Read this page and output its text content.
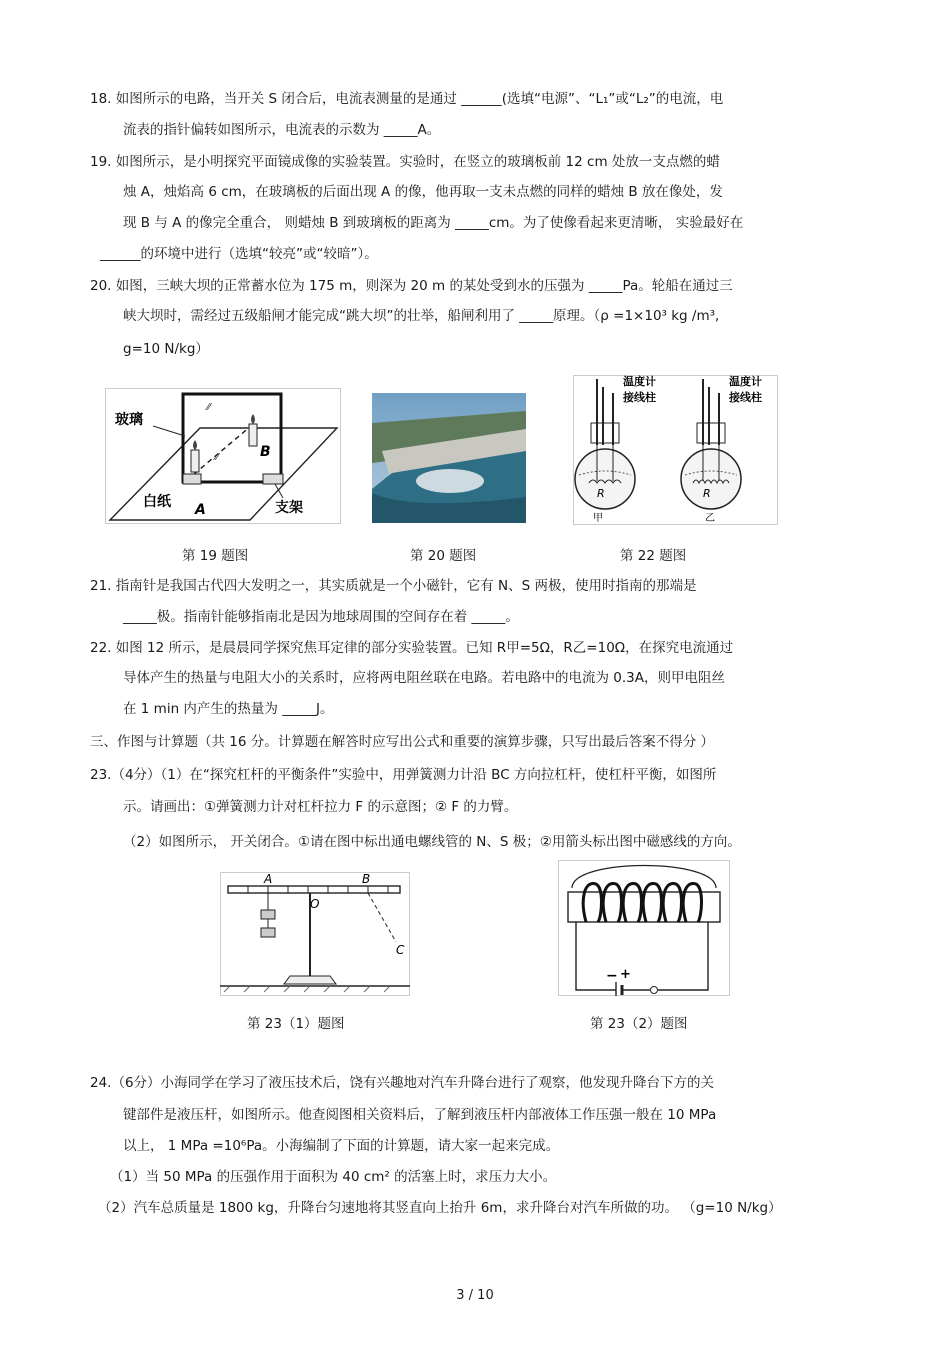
18. 如图所示的电路，当开关 S 闭合后，电流表测量的是通过 ______(选填“电源”、“L₁”或“L₂”的电流，电
流表的指针偏转如图所示，电流表的示数为 _____A。
19. 如图所示，是小明探究平面镜成像的实验装置。实验时，在竖立的玻璃板前 12 cm 处放一支点燃的蜡
烛 A，烛焰高 6 cm，在玻璃板的后面出现 A 的像，他再取一支未点燃的同样的蜡烛 B 放在像处，发
现 B 与 A 的像完全重合， 则蜡烛 B 到玻璃板的距离为 _____cm。为了使像看起来更清晰， 实验最好在
______的环境中进行（选填“较亮”或“较暗”）。
20. 如图，三峡大坝的正常蓄水位为 175 m，则深为 20 m 的某处受到水的压强为 _____Pa。轮船在通过三
峡大坝时，需经过五级船闸才能完成“跳大坝”的壮举，船闸利用了 _____原理。（ρ =1×10³ kg /m³,
g=10 N/kg）
⁄⁄
⁄⁄
玻璃
白纸	支架
A
B
温度计
接线柱
R
甲
温度计
接线柱
R
乙
第 19 题图	第 20 题图	第 22 题图
21. 指南针是我国古代四大发明之一，其实质就是一个小磁针，它有 N、S 两极，使用时指南的那端是
_____极。指南针能够指南北是因为地球周围的空间存在着 _____。
22. 如图 12 所示，是晨晨同学探究焦耳定律的部分实验装置。已知 R甲=5Ω，R乙=10Ω，在探究电流通过
导体产生的热量与电阻大小的关系时，应将两电阻丝联在电路。若电路中的电流为 0.3A，则甲电阻丝
在 1 min 内产生的热量为 _____J。
三、作图与计算题（共 16 分。计算题在解答时应写出公式和重要的演算步骤，只写出最后答案不得分 ）
23.（4分）（1）在“探究杠杆的平衡条件”实验中，用弹簧测力计沿 BC 方向拉杠杆，使杠杆平衡，如图所
示。请画出：①弹簧测力计对杠杆拉力 F 的示意图；② F 的力臂。
（2）如图所示， 开关闭合。①请在图中标出通电螺线管的 N、S 极；②用箭头标出图中磁感线的方向。
A	B
O
C
− +
第 23（1）题图	第 23（2）题图
24.（6分）小海同学在学习了液压技术后，饶有兴趣地对汽车升降台进行了观察，他发现升降台下方的关
键部件是液压杆，如图所示。他查阅图相关资料后，了解到液压杆内部液体工作压强一般在 10 MPa
以上， 1 MPa =10⁶Pa。小海编制了下面的计算题，请大家一起来完成。
（1）当 50 MPa 的压强作用于面积为 40 cm² 的活塞上时，求压力大小。
（2）汽车总质量是 1800 kg，升降台匀速地将其竖直向上抬升 6m，求升降台对汽车所做的功。 （g=10 N/kg）
3 / 10
